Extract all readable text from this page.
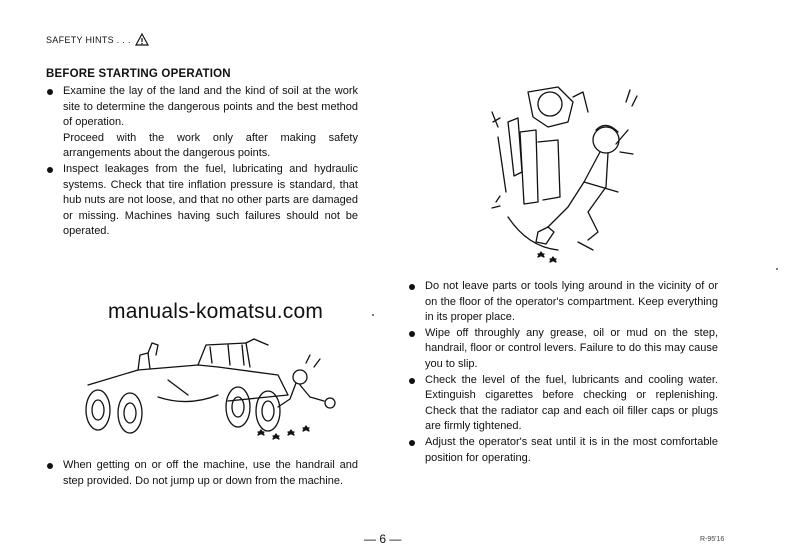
SAFETY HINTS . . .
BEFORE STARTING OPERATION

Examine the lay of the land and the kind of soil at the work site to determine the dangerous points and the best method of operation.

Proceed with the work only after making safety arrangements about the dangerous points.

Inspect leakages from the fuel, lubricating and hydraulic systems. Check that tire inflation pressure is standard, that hub nuts are not loose, and that no other parts are damaged or missing. Machines having such failures should not be operated.

manuals-komatsu.com

Do not leave parts or tools lying around in the vicinity of or on the floor of the operator's compartment. Keep everything in its proper place.

Wipe off throughly any grease, oil or mud on the step, handrail, floor or control levers. Failure to do this may cause you to slip.

Check the level of the fuel, lubricants and cooling water. Extinguish cigarettes before checking or replenishing. Check that the radiator cap and each oil filler caps or plugs are firmly tightened.

Adjust the operator's seat until it is in the most comfortable position for operating.

When getting on or off the machine, use the handrail and step provided. Do not jump up or down from the machine.

— 6 —	R-95'16
